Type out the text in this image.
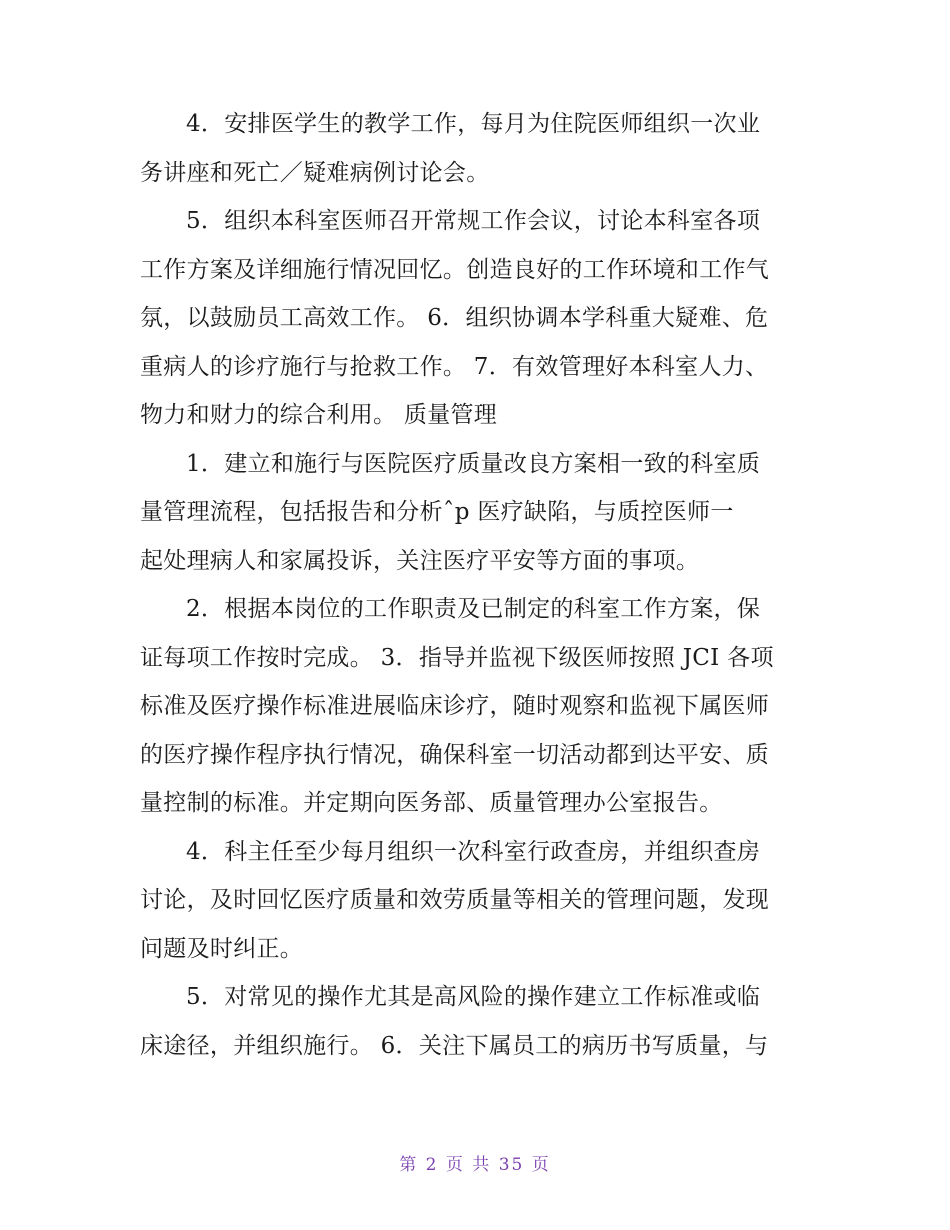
4．安排医学生的教学工作，每月为住院医师组织一次业
务讲座和死亡／疑难病例讨论会。
5．组织本科室医师召开常规工作会议，讨论本科室各项
工作方案及详细施行情况回忆。创造良好的工作环境和工作气
氛，以鼓励员工高效工作。 6．组织协调本学科重大疑难、危
重病人的诊疗施行与抢救工作。 7．有效管理好本科室人力、
物力和财力的综合利用。 质量管理
1．建立和施行与医院医疗质量改良方案相一致的科室质
量管理流程，包括报告和分析ˆp 医疗缺陷，与质控医师一
起处理病人和家属投诉，关注医疗平安等方面的事项。
2．根据本岗位的工作职责及已制定的科室工作方案，保
证每项工作按时完成。 3．指导并监视下级医师按照 JCI 各项
标准及医疗操作标准进展临床诊疗，随时观察和监视下属医师
的医疗操作程序执行情况，确保科室一切活动都到达平安、质
量控制的标准。并定期向医务部、质量管理办公室报告。
4．科主任至少每月组织一次科室行政查房，并组织查房
讨论，及时回忆医疗质量和效劳质量等相关的管理问题，发现
问题及时纠正。
5．对常见的操作尤其是高风险的操作建立工作标准或临
床途径，并组织施行。 6．关注下属员工的病历书写质量，与
第 2 页 共 35 页
